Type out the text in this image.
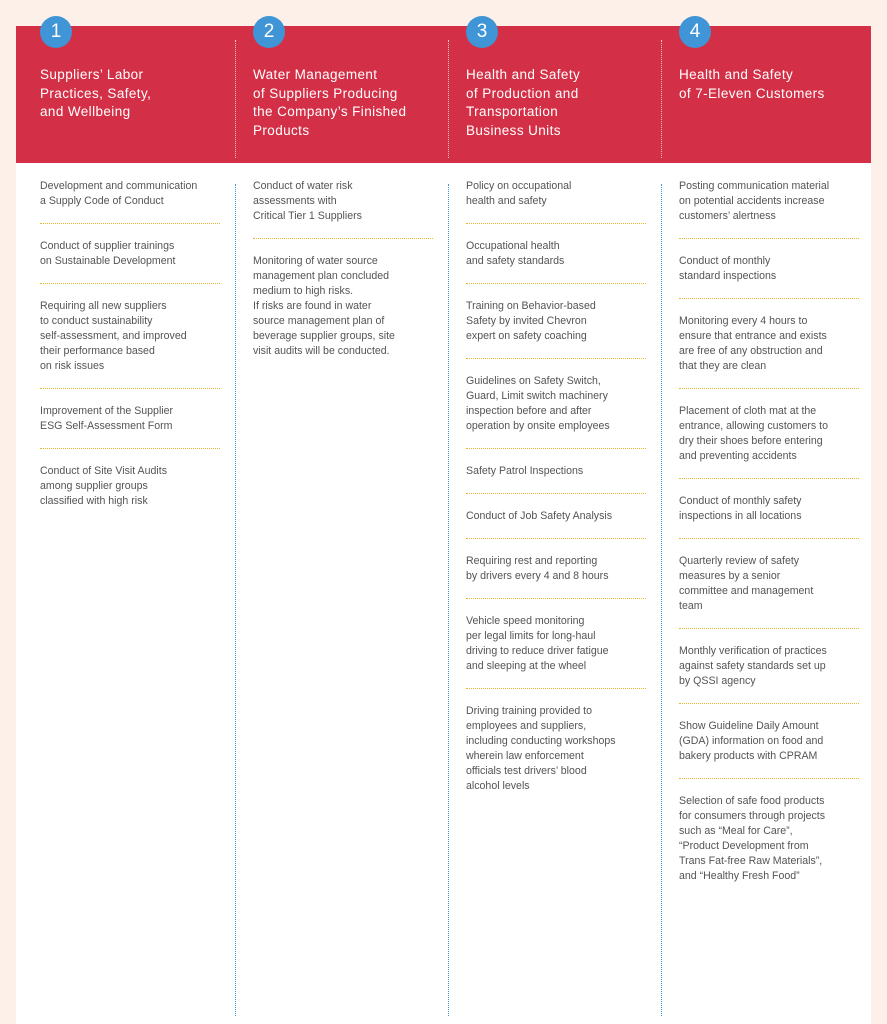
1
Suppliers’ Labor
Practices, Safety,
and Wellbeing
Development and communication
a Supply Code of Conduct
Conduct of supplier trainings
on Sustainable Development
Requiring all new suppliers
to conduct sustainability
self-assessment, and improved
their performance based
on risk issues
Improvement of the Supplier
ESG Self-Assessment Form
Conduct of Site Visit Audits
among supplier groups
classified with high risk
2
Water Management
of Suppliers Producing
the Company’s Finished
Products
Conduct of water risk
assessments with
Critical Tier 1 Suppliers
Monitoring of water source
management plan concluded
medium to high risks.
If risks are found in water
source management plan of
beverage supplier groups, site
visit audits will be conducted.
3
Health and Safety
of Production and
Transportation
Business Units
Policy on occupational
health and safety
Occupational health
and safety standards
Training on Behavior-based
Safety by invited Chevron
expert on safety coaching
Guidelines on Safety Switch,
Guard, Limit switch machinery
inspection before and after
operation by onsite employees
Safety Patrol Inspections
Conduct of Job Safety Analysis
Requiring rest and reporting
by drivers every 4 and 8 hours
Vehicle speed monitoring
per legal limits for long-haul
driving to reduce driver fatigue
and sleeping at the wheel
Driving training provided to
employees and suppliers,
including conducting workshops
wherein law enforcement
officials test drivers’ blood
alcohol levels
4
Health and Safety
of 7-Eleven Customers
Posting communication material
on potential accidents increase
customers’ alertness
Conduct of monthly
standard inspections
Monitoring every 4 hours to
ensure that entrance and exists
are free of any obstruction and
that they are clean
Placement of cloth mat at the
entrance, allowing customers to
dry their shoes before entering
and preventing accidents
Conduct of monthly safety
inspections in all locations
Quarterly review of safety
measures by a senior
committee and management
team
Monthly verification of practices
against safety standards set up
by QSSI agency
Show Guideline Daily Amount
(GDA) information on food and
bakery products with CPRAM
Selection of safe food products
for consumers through projects
such as “Meal for Care”,
“Product Development from
Trans Fat-free Raw Materials”,
and “Healthy Fresh Food”
